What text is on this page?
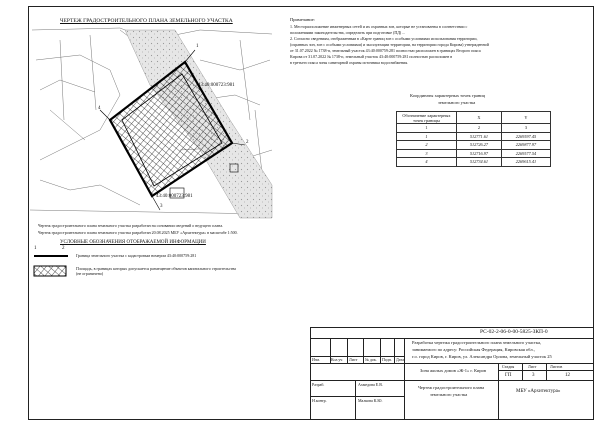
ЧЕРТЕЖ ГРАДОСТРОИТЕЛЬНОГО ПЛАНА ЗЕМЕЛЬНОГО УЧАСТКА
43:40:000723:981
43:40:000723:981
1
2
3
4
Чертеж градостроительного плана земельного участка разработан на основании сведений о ведущего плана.
Чертеж градостроительного плана земельного участка разработан 20.08.2025 МБУ «Архитектура» в масштабе 1:500.
УСЛОВНЫЕ ОБОЗНАЧЕНИЯ ОТОБРАЖАЕМОЙ ИНФОРМАЦИИ
1	2
Граница земельного участка с кадастровым номером 43:40:000759:281
Площадь, в границах которых допускается размещение объектов капитального строительства (не ограничено)
Примечание:
1. Месторасположение инженерных сетей и их охранных зон, которые не установлены в соответствии с
положениями законодательства, определить при подготовке (ПД) ...
2. Согласно сведениям, отображенным в «Карте границ зон с особыми условиями использования территории,
(охранных зон, зон с особыми условиями) и эксплуатации территории, на территории города Кирова) утвержденной
от 31.07.2022 № 1738-п, земельный участок 43:40:000759:281 полностью расположен в границах Второго пояса
Кирова от 31.07.2022 № 1738-п, земельный участок 43:40:000759:281 полностью расположен в
в третьего пояса зоны санитарной охраны источника водоснабжения.
Координаты характерных точек границ
земельного участка
Обозначение характерных точек границы	X	Y
1	2	3
1	512771.61	2269597.45
2	512726.27	2269877.97
3	512716.97	2269577.54
4	512734.61	2269615.41
РС-02-2-06-0-00-5825-ЗКП-0
Разработка чертежа градостроительного плана земельного участка,
занимаемого по адресу: Российская Федерация, Кировская обл.,
г.о. город Киров, г. Киров, ул. Александра Орлова, земельный участок 25
Изм.	Кол.уч Лист № док. Подп. Дата
Зона жилых домов «Ж-1» г. Киров
Стадия	Лист	Листов
ГП	3	12
Чертеж градостроительного плана
земельного участка
МБУ «Архитектура»
Разраб.	Ахмедова Е.В.
Н.контр.	Малкова К.Ю.
